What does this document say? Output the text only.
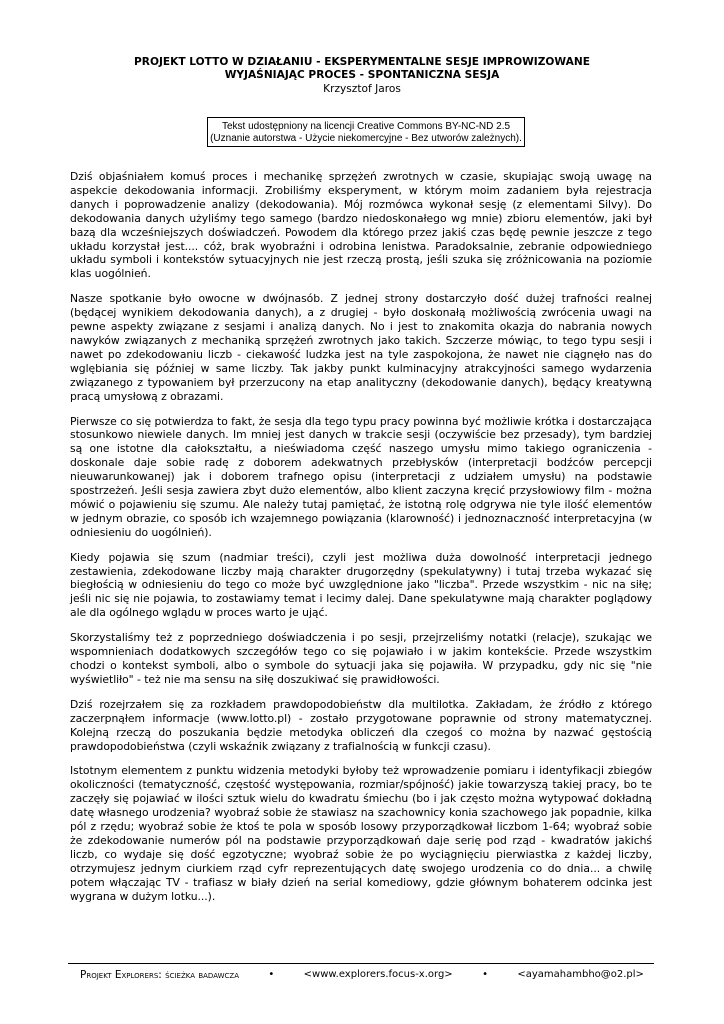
PROJEKT LOTTO W DZIAŁANIU - EKSPERYMENTALNE SESJE IMPROWIZOWANE
WYJAŚNIAJĄC PROCES - SPONTANICZNA SESJA
Krzysztof Jaros
Tekst udostępniony na licencji Creative Commons BY-NC-ND 2.5
(Uznanie autorstwa - Użycie niekomercyjne - Bez utworów zależnych).

Dziś objaśniałem komuś proces i mechanikę sprzężeń zwrotnych w czasie, skupiając swoją uwagę na aspekcie dekodowania informacji. Zrobiliśmy eksperyment, w którym moim zadaniem była rejestracja danych i poprowadzenie analizy (dekodowania). Mój rozmówca wykonał sesję (z elementami Silvy). Do dekodowania danych użyliśmy tego samego (bardzo niedoskonałego wg mnie) zbioru elementów, jaki był bazą dla wcześniejszych doświadczeń. Powodem dla którego przez jakiś czas będę pewnie jeszcze z tego układu korzystał jest.... cóż, brak wyobraźni i odrobina lenistwa. Paradoksalnie, zebranie odpowiedniego układu symboli i kontekstów sytuacyjnych nie jest rzeczą prostą, jeśli szuka się zróżnicowania na poziomie klas uogólnień.

Nasze spotkanie było owocne w dwójnasób. Z jednej strony dostarczyło dość dużej trafności realnej (będącej wynikiem dekodowania danych), a z drugiej - było doskonałą możliwością zwrócenia uwagi na pewne aspekty związane z sesjami i analizą danych. No i jest to znakomita okazja do nabrania nowych nawyków związanych z mechaniką sprzężeń zwrotnych jako takich. Szczerze mówiąc, to tego typu sesji i nawet po zdekodowaniu liczb - ciekawość ludzka jest na tyle zaspokojona, że nawet nie ciągnęło nas do wglębiania się później w same liczby. Tak jakby punkt kulminacyjny atrakcyjności samego wydarzenia związanego z typowaniem był przerzucony na etap analityczny (dekodowanie danych), będący kreatywną pracą umysłową z obrazami.

Pierwsze co się potwierdza to fakt, że sesja dla tego typu pracy powinna być możliwie krótka i dostarczająca stosunkowo niewiele danych. Im mniej jest danych w trakcie sesji (oczywiście bez przesady), tym bardziej są one istotne dla całokształtu, a nieświadoma część naszego umysłu mimo takiego ograniczenia - doskonale daje sobie radę z doborem adekwatnych przebłysków (interpretacji bodźców percepcji nieuwarunkowanej) jak i doborem trafnego opisu (interpretacji z udziałem umysłu) na podstawie spostrzeżeń. Jeśli sesja zawiera zbyt dużo elementów, albo klient zaczyna kręcić przysłowiowy film - można mówić o pojawieniu się szumu. Ale należy tutaj pamiętać, że istotną rolę odgrywa nie tyle ilość elementów w jednym obrazie, co sposób ich wzajemnego powiązania (klarowność) i jednoznaczność interpretacyjna (w odniesieniu do uogólnień).

Kiedy pojawia się szum (nadmiar treści), czyli jest możliwa duża dowolność interpretacji jednego zestawienia, zdekodowane liczby mają charakter drugorzędny (spekulatywny) i tutaj trzeba wykazać się biegłością w odniesieniu do tego co może być uwzględnione jako "liczba". Przede wszystkim - nic na siłę; jeśli nic się nie pojawia, to zostawiamy temat i lecimy dalej. Dane spekulatywne mają charakter poglądowy ale dla ogólnego wglądu w proces warto je ująć.

Skorzystaliśmy też z poprzedniego doświadczenia i po sesji, przejrzeliśmy notatki (relacje), szukając we wspomnieniach dodatkowych szczegółów tego co się pojawiało i w jakim kontekście. Przede wszystkim chodzi o kontekst symboli, albo o symbole do sytuacji jaka się pojawiła. W przypadku, gdy nic się "nie wyświetliło" - też nie ma sensu na siłę doszukiwać się prawidłowości.

Dziś rozejrzałem się za rozkładem prawdopodobieństw dla multilotka. Zakładam, że źródło z którego zaczerpnąłem informacje (www.lotto.pl) - zostało przygotowane poprawnie od strony matematycznej. Kolejną rzeczą do poszukania będzie metodyka obliczeń dla czegoś co można by nazwać gęstością prawdopodobieństwa (czyli wskaźnik związany z trafialnością w funkcji czasu).

Istotnym elementem z punktu widzenia metodyki byłoby też wprowadzenie pomiaru i identyfikacji zbiegów okoliczności (tematyczność, częstość występowania, rozmiar/spójność) jakie towarzyszą takiej pracy, bo te zaczęły się pojawiać w ilości sztuk wielu do kwadratu śmiechu (bo i jak często można wytypować dokładną datę własnego urodzenia? wyobraź sobie że stawiasz na szachownicy konia szachowego jak popadnie, kilka pól z rzędu; wyobraź sobie że ktoś te pola w sposób losowy przyporządkował liczbom 1-64; wyobraź sobie że zdekodowanie numerów pól na podstawie przyporządkowań daje serię pod rząd - kwadratów jakichś liczb, co wydaje się dość egzotyczne; wyobraź sobie że po wyciągnięciu pierwiastka z każdej liczby, otrzymujesz jednym ciurkiem rząd cyfr reprezentujących datę swojego urodzenia co do dnia... a chwilę potem włączając TV - trafiasz w biały dzień na serial komediowy, gdzie głównym bohaterem odcinka jest wygrana w dużym lotku...).

Projekt Explorers: ścieżka badawcza	•	<www.explorers.focus-x.org>	•	<ayamahambho@o2.pl>
